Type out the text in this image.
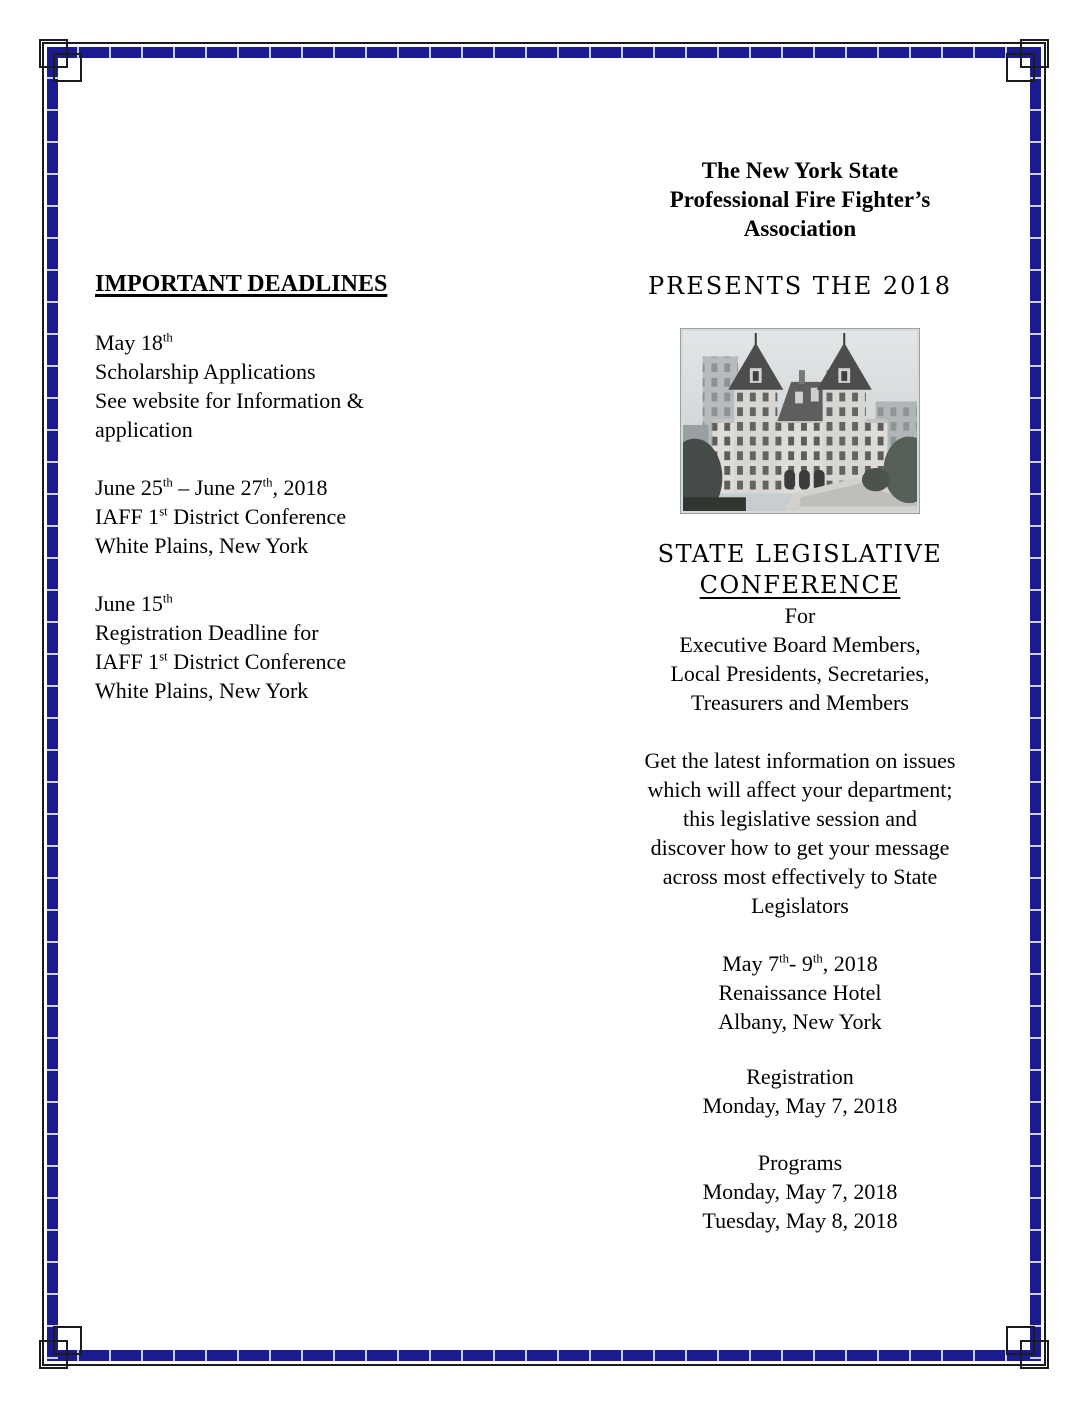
IMPORTANT DEADLINES
May 18th
Scholarship Applications
See website for Information &
application
June 25th – June 27th, 2018
IAFF 1st District Conference
White Plains, New York
June 15th
Registration Deadline for
IAFF 1st District Conference
White Plains, New York
The New York State
Professional Fire Fighter’s
Association
PRESENTS THE 2018
STATE LEGISLATIVE
CONFERENCE
For
Executive Board Members,
Local Presidents, Secretaries,
Treasurers and Members
Get the latest information on issues
which will affect your department;
this legislative session and
discover how to get your message
across most effectively to State
Legislators
May 7th- 9th, 2018
Renaissance Hotel
Albany, New York
Registration
Monday, May 7, 2018
Programs
Monday, May 7, 2018
Tuesday, May 8, 2018
